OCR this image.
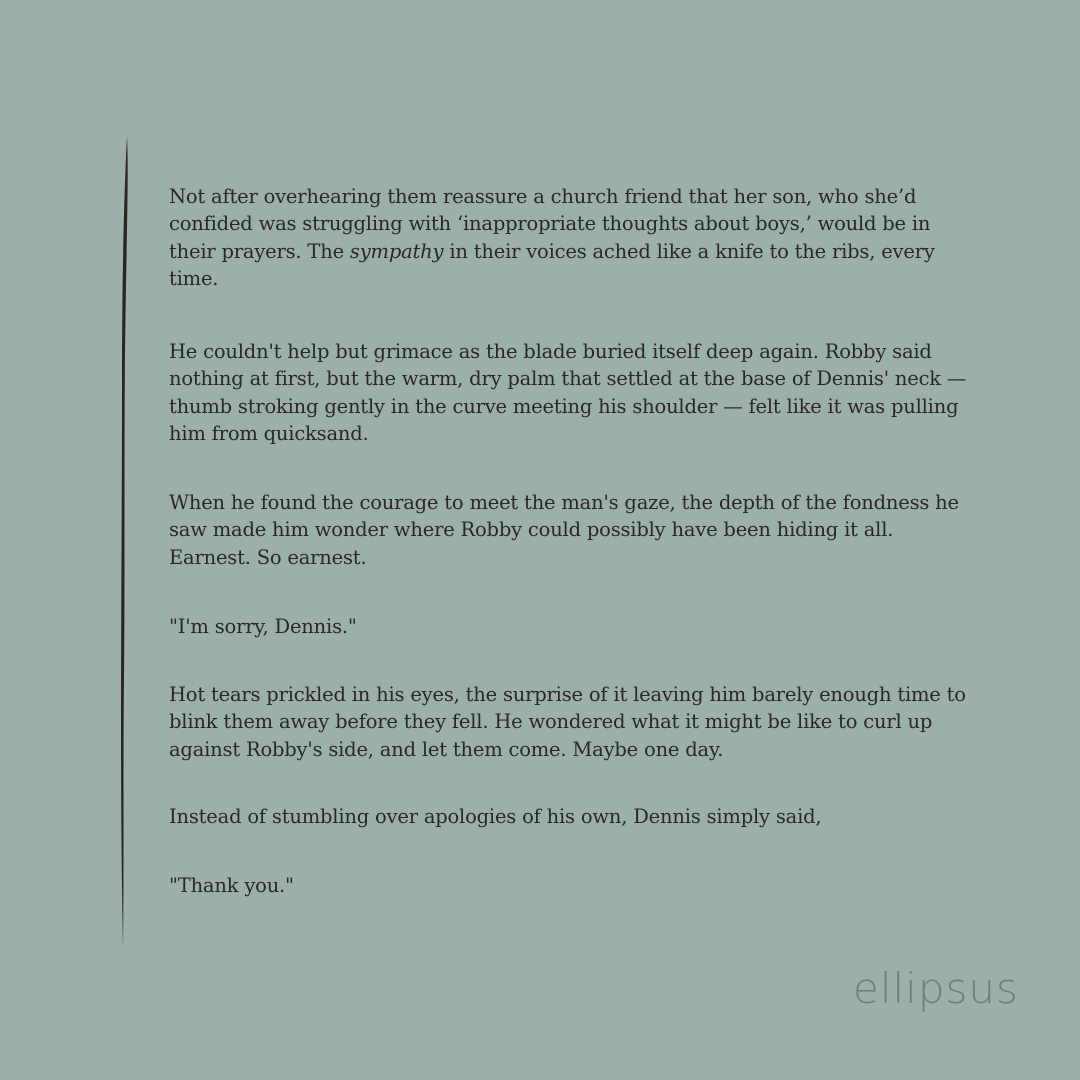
Not after overhearing them reassure a church friend that her son, who she’d confided was struggling with ‘inappropriate thoughts about boys,’ would be in their prayers. The sympathy in their voices ached like a knife to the ribs, every time.

He couldn't help but grimace as the blade buried itself deep again. Robby said nothing at first, but the warm, dry palm that settled at the base of Dennis' neck — thumb stroking gently in the curve meeting his shoulder — felt like it was pulling him from quicksand.

When he found the courage to meet the man's gaze, the depth of the fondness he saw made him wonder where Robby could possibly have been hiding it all. Earnest. So earnest.

"I'm sorry, Dennis."

Hot tears prickled in his eyes, the surprise of it leaving him barely enough time to blink them away before they fell. He wondered what it might be like to curl up against Robby's side, and let them come. Maybe one day.

Instead of stumbling over apologies of his own, Dennis simply said,

"Thank you."

ellipsus
